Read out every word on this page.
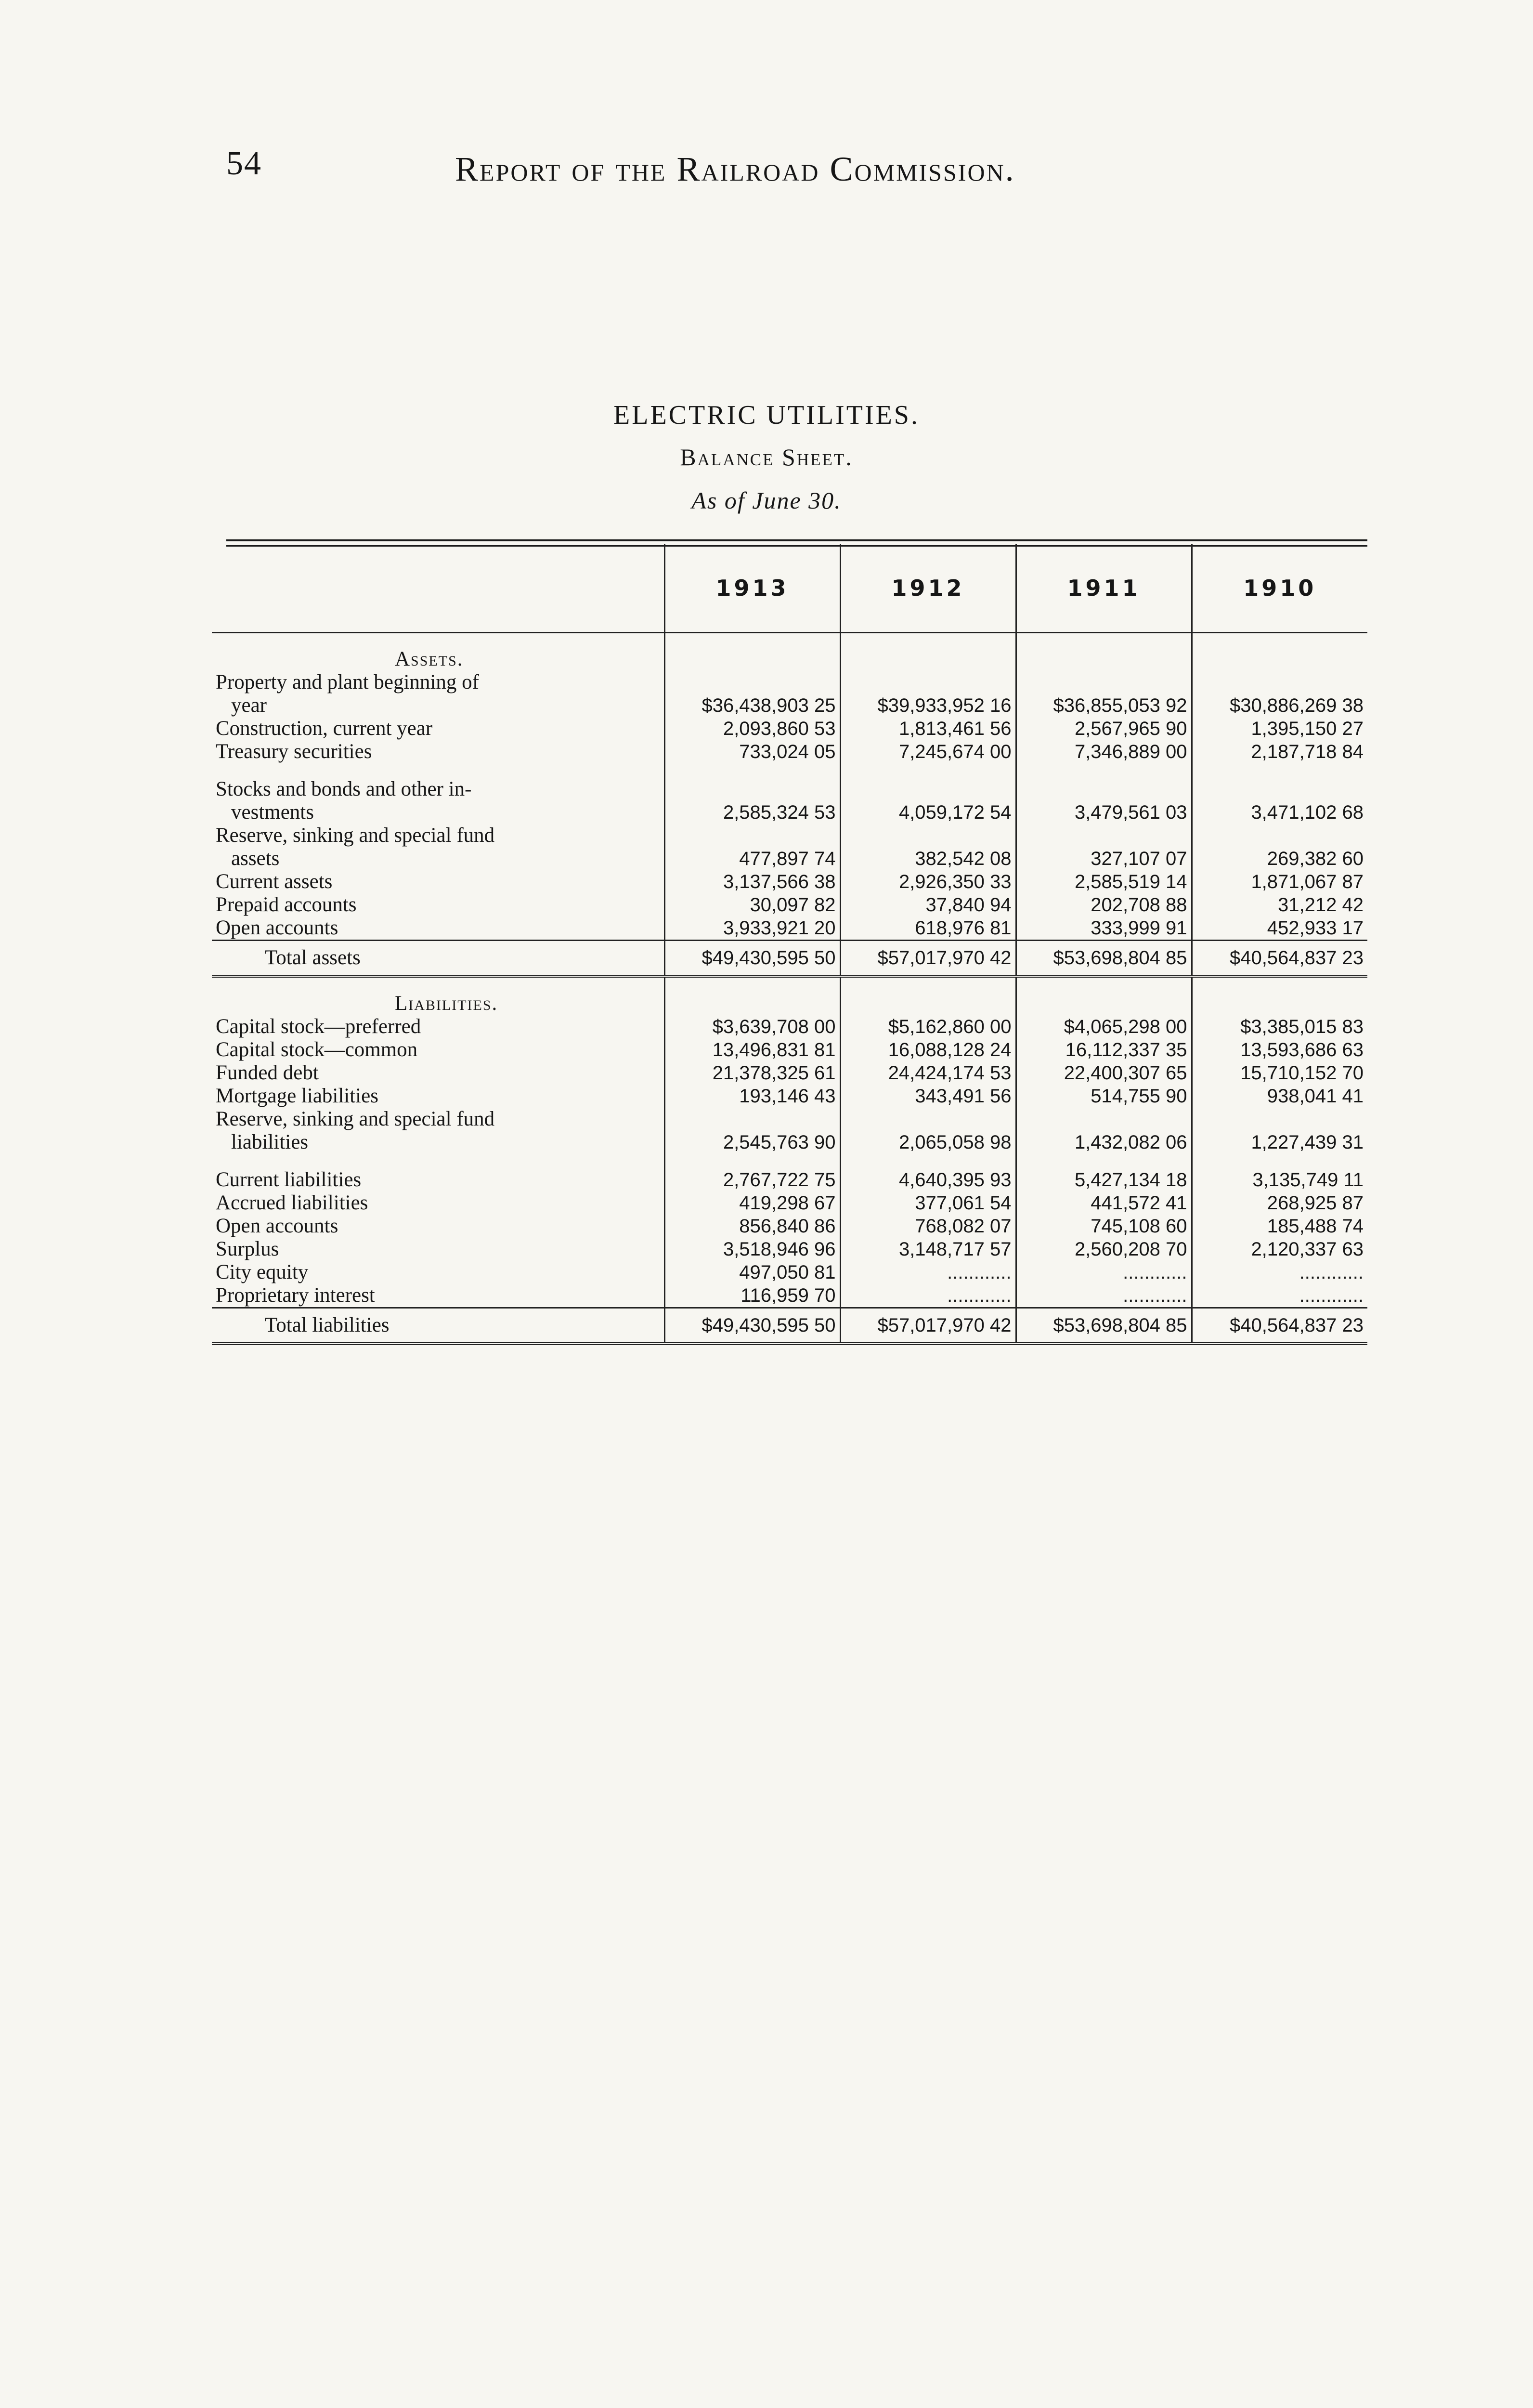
54	Report of the Railroad Commission.
ELECTRIC UTILITIES.
Balance Sheet.
As of June 30.
	1913	1912	1911	1910
Assets.				
Property and plant beginning of				
year	$36,438,903 25	$39,933,952 16	$36,855,053 92	$30,886,269 38
Construction, current year	2,093,860 53	1,813,461 56	2,567,965 90	1,395,150 27
Treasury securities	733,024 05	7,245,674 00	7,346,889 00	2,187,718 84

Stocks and bonds and other in-				
vestments	2,585,324 53	4,059,172 54	3,479,561 03	3,471,102 68
Reserve, sinking and special fund				
assets	477,897 74	382,542 08	327,107 07	269,382 60
Current assets	3,137,566 38	2,926,350 33	2,585,519 14	1,871,067 87
Prepaid accounts	30,097 82	37,840 94	202,708 88	31,212 42
Open accounts	3,933,921 20	618,976 81	333,999 91	452,933 17
Total assets	$49,430,595 50	$57,017,970 42	$53,698,804 85	$40,564,837 23
Liabilities.				
Capital stock—preferred	$3,639,708 00	$5,162,860 00	$4,065,298 00	$3,385,015 83
Capital stock—common	13,496,831 81	16,088,128 24	16,112,337 35	13,593,686 63
Funded debt	21,378,325 61	24,424,174 53	22,400,307 65	15,710,152 70
Mortgage liabilities	193,146 43	343,491 56	514,755 90	938,041 41
Reserve, sinking and special fund				
liabilities	2,545,763 90	2,065,058 98	1,432,082 06	1,227,439 31

Current liabilities	2,767,722 75	4,640,395 93	5,427,134 18	3,135,749 11
Accrued liabilities	419,298 67	377,061 54	441,572 41	268,925 87
Open accounts	856,840 86	768,082 07	745,108 60	185,488 74
Surplus	3,518,946 96	3,148,717 57	2,560,208 70	2,120,337 63
City equity	497,050 81	............	............	............
Proprietary interest	116,959 70	............	............	............
Total liabilities	$49,430,595 50	$57,017,970 42	$53,698,804 85	$40,564,837 23
